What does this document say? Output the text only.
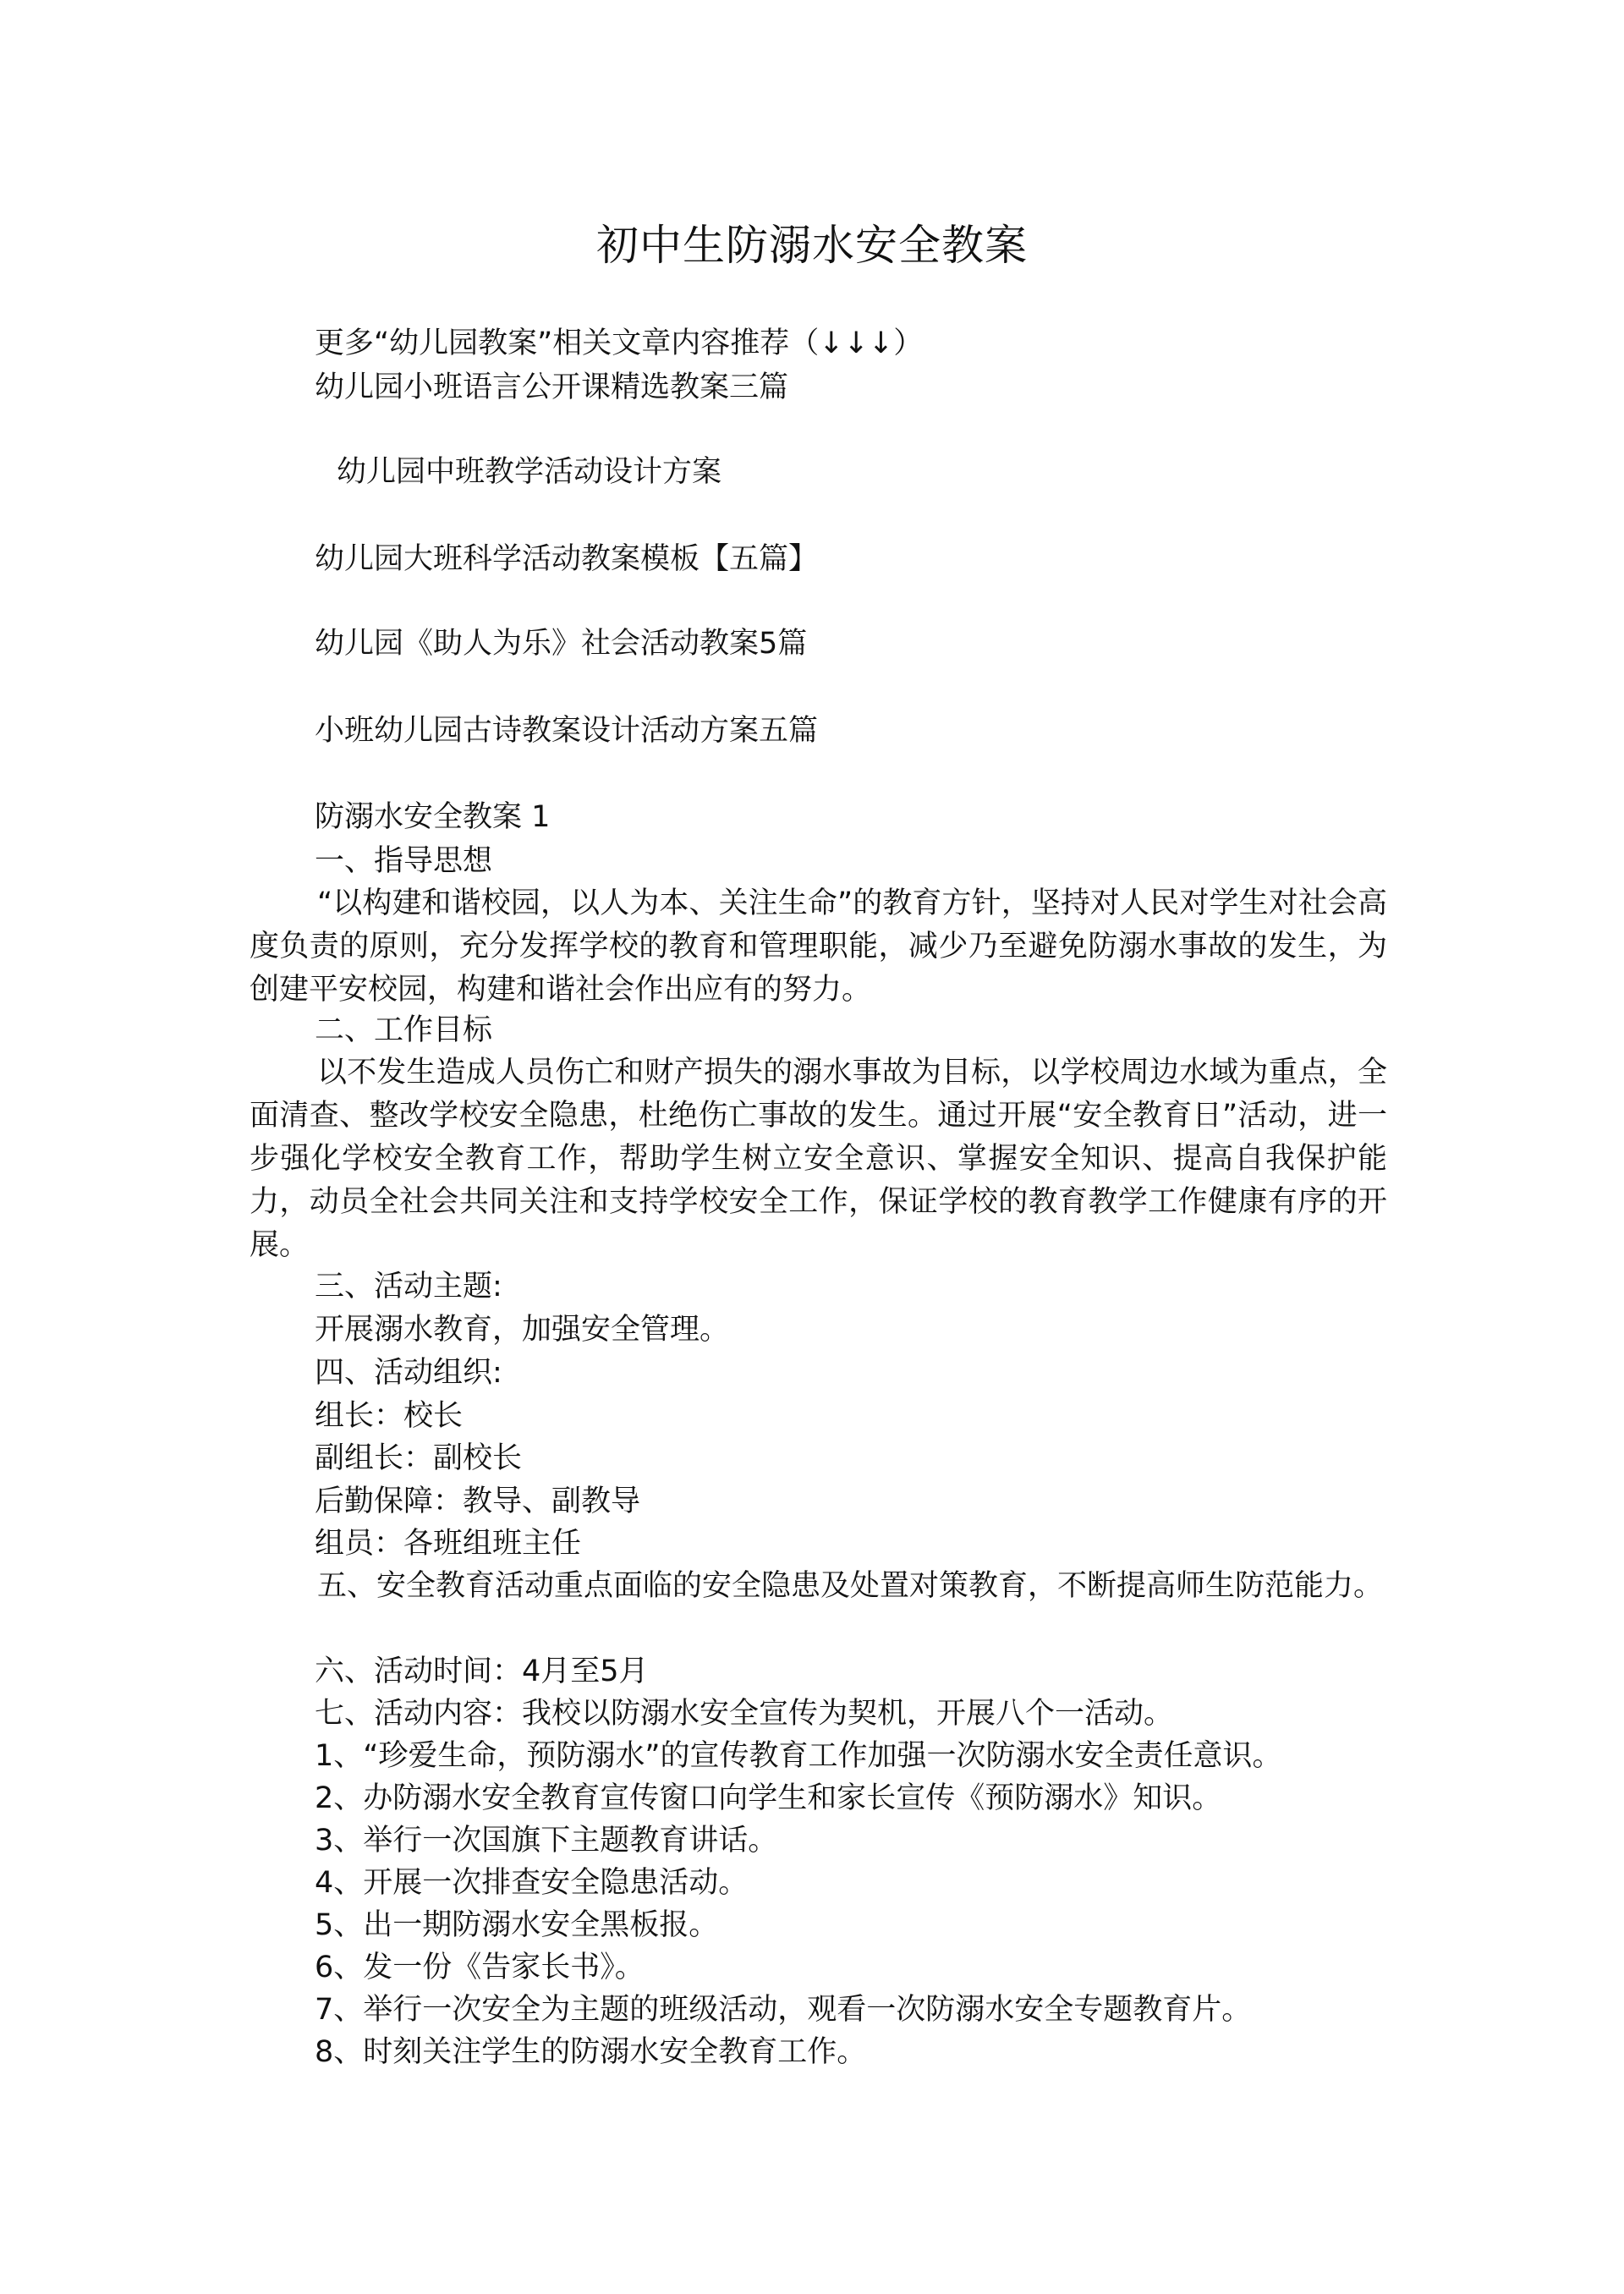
初中生防溺水安全教案

更多“幼儿园教案”相关文章内容推荐（↓↓↓）

幼儿园小班语言公开课精选教案三篇

幼儿园中班教学活动设计方案

幼儿园大班科学活动教案模板【五篇】

幼儿园《助人为乐》社会活动教案5篇

小班幼儿园古诗教案设计活动方案五篇

防溺水安全教案 1

一、指导思想

“以构建和谐校园，以人为本、关注生命”的教育方针，坚持对人民对学生对社会高度负责的原则，充分发挥学校的教育和管理职能，减少乃至避免防溺水事故的发生，为创建平安校园，构建和谐社会作出应有的努力。

二、工作目标

以不发生造成人员伤亡和财产损失的溺水事故为目标，以学校周边水域为重点，全面清查、整改学校安全隐患，杜绝伤亡事故的发生。通过开展“安全教育日”活动，进一步强化学校安全教育工作，帮助学生树立安全意识、掌握安全知识、提高自我保护能力，动员全社会共同关注和支持学校安全工作，保证学校的教育教学工作健康有序的开展。

三、活动主题:

开展溺水教育，加强安全管理。

四、活动组织:

组长：校长

副组长：副校长

后勤保障：教导、副教导

组员：各班组班主任

五、安全教育活动重点面临的安全隐患及处置对策教育，不断提高师生防范能力。

六、活动时间：4月至5月

七、活动内容：我校以防溺水安全宣传为契机，开展八个一活动。

1、“珍爱生命，预防溺水”的宣传教育工作加强一次防溺水安全责任意识。

2、办防溺水安全教育宣传窗口向学生和家长宣传《预防溺水》知识。

3、举行一次国旗下主题教育讲话。

4、开展一次排查安全隐患活动。

5、出一期防溺水安全黑板报。

6、发一份《告家长书》。

7、举行一次安全为主题的班级活动，观看一次防溺水安全专题教育片。

8、时刻关注学生的防溺水安全教育工作。
